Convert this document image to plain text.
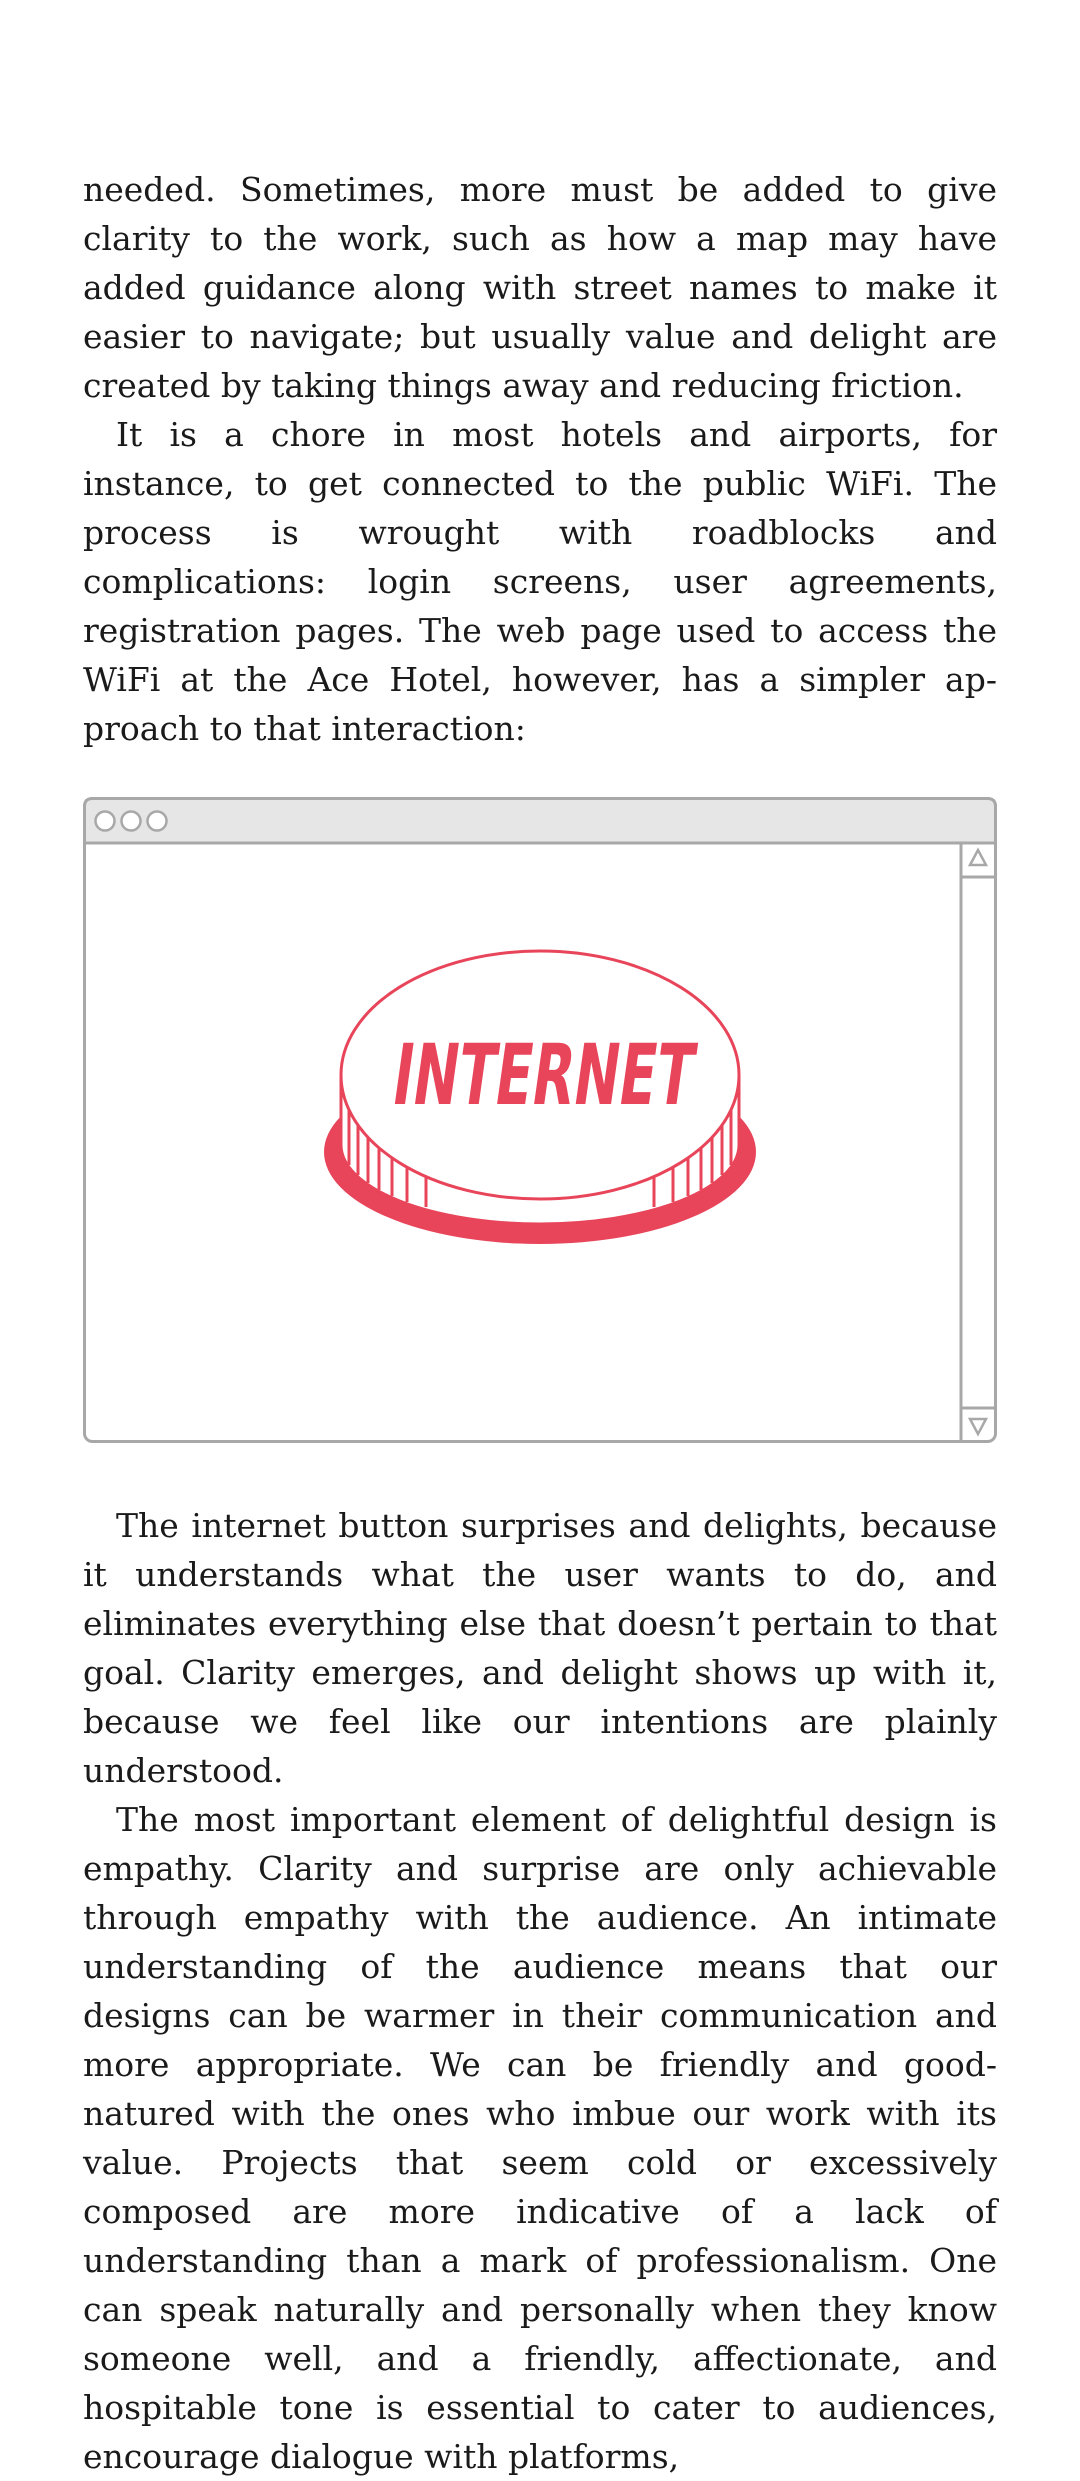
needed. Sometimes, more must be added to give clarity to the work, such as how a map may have added guidance along with street names to make it easier to navigate; but usually value and delight are created by taking things away and reducing friction.

It is a chore in most hotels and airports, for instance, to get connected to the public WiFi. The process is wrought with roadblocks and complications: login screens, user agreements, registration pages. The web page used to access the WiFi at the Ace Hotel, however, has a simpler approach to that interaction:

INTERNET

The internet button surprises and delights, because it understands what the user wants to do, and eliminates everything else that doesn’t pertain to that goal. Clarity emerges, and delight shows up with it, because we feel like our intentions are plainly understood.

The most important element of delightful design is empathy. Clarity and surprise are only achievable through empathy with the audience. An intimate understanding of the audience means that our designs can be warmer in their communication and more appropriate. We can be friendly and good-natured with the ones who imbue our work with its value. Projects that seem cold or excessively composed are more indicative of a lack of understanding than a mark of professionalism. One can speak naturally and personally when they know someone well, and a friendly, affectionate, and hospitable tone is essential to cater to audiences, encourage dialogue with platforms,
